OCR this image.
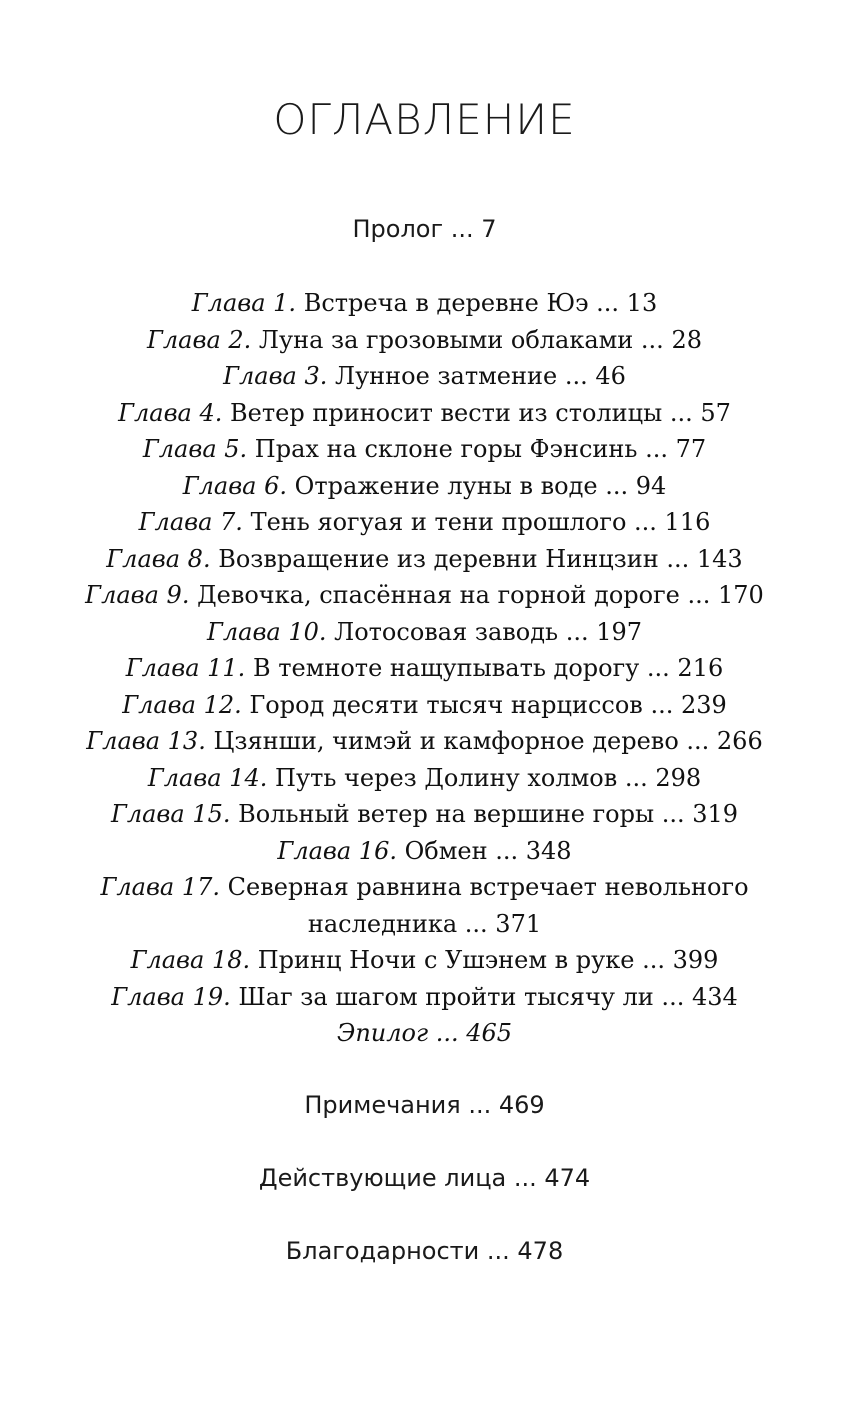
ОГЛАВЛЕНИЕ
Пролог ... 7
Глава 1. Встреча в деревне Юэ ... 13
Глава 2. Луна за грозовыми облаками ... 28
Глава 3. Лунное затмение ... 46
Глава 4. Ветер приносит вести из столицы ... 57
Глава 5. Прах на склоне горы Фэнсинь ... 77
Глава 6. Отражение луны в воде ... 94
Глава 7. Тень яогуая и тени прошлого ... 116
Глава 8. Возвращение из деревни Нинцзин ... 143
Глава 9. Девочка, спасённая на горной дороге ... 170
Глава 10. Лотосовая заводь ... 197
Глава 11. В темноте нащупывать дорогу ... 216
Глава 12. Город десяти тысяч нарциссов ... 239
Глава 13. Цзянши, чимэй и камфорное дерево ... 266
Глава 14. Путь через Долину холмов ... 298
Глава 15. Вольный ветер на вершине горы ... 319
Глава 16. Обмен ... 348
Глава 17. Северная равнина встречает невольного
наследника ... 371
Глава 18. Принц Ночи с Ушэнем в руке ... 399
Глава 19. Шаг за шагом пройти тысячу ли ... 434
Эпилог ... 465
Примечания ... 469
Действующие лица ... 474
Благодарности ... 478
